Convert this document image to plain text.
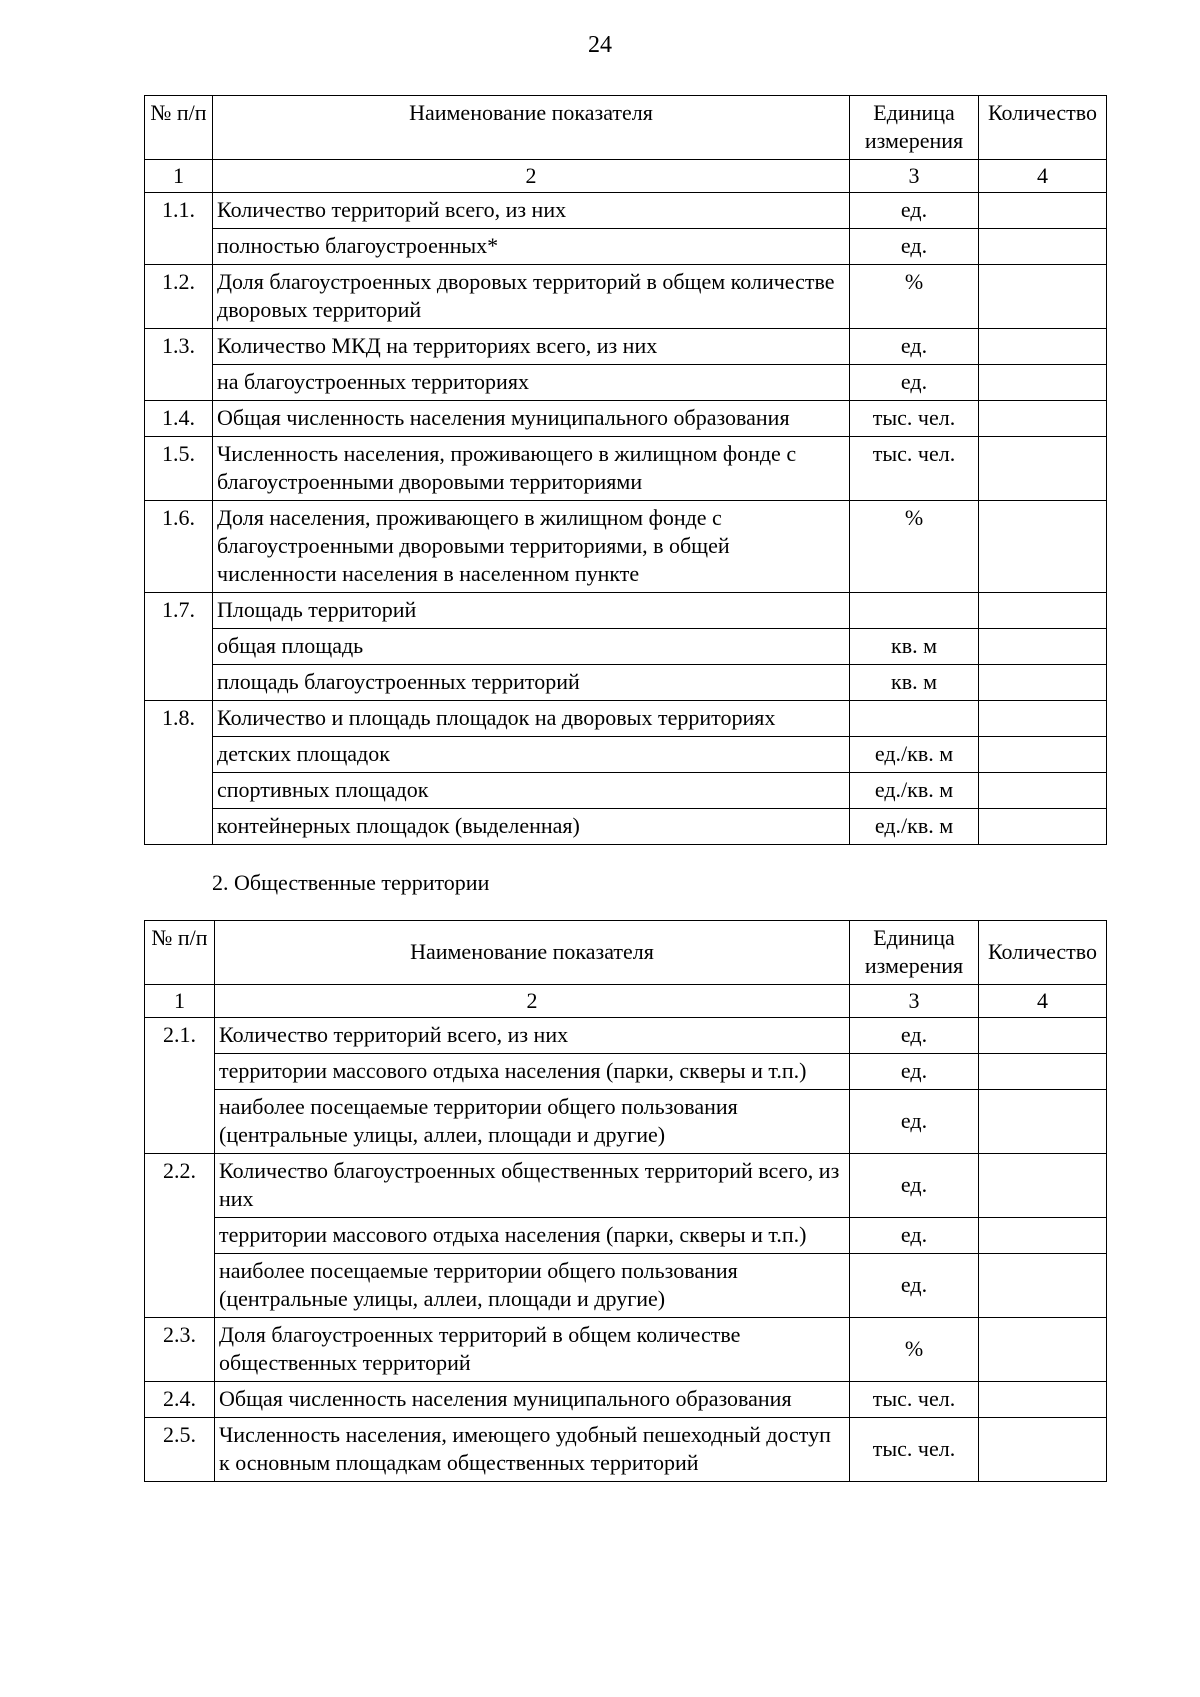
24
№ п/п	Наименование показателя	Единица измерения	Количество
1	2	3	4
1.1.	Количество территорий всего, из них	ед.	
	полностью благоустроенных*	ед.	
1.2.	Доля благоустроенных дворовых территорий в общем количестве дворовых территорий	%	
1.3.	Количество МКД на территориях всего, из них	ед.	
	на благоустроенных территориях	ед.	
1.4.	Общая численность населения муниципального образования	тыс. чел.	
1.5.	Численность населения, проживающего в жилищном фонде с благоустроенными дворовыми территориями	тыс. чел.	
1.6.	Доля населения, проживающего в жилищном фонде с благоустроенными дворовыми территориями, в общей численности населения в населенном пункте	%	
1.7.	Площадь территорий		
	общая площадь	кв. м	
	площадь благоустроенных территорий	кв. м	
1.8.	Количество и площадь площадок на дворовых территориях		
	детских площадок	ед./кв. м	
	спортивных площадок	ед./кв. м	
	контейнерных площадок (выделенная)	ед./кв. м	
2. Общественные территории
№ п/п	Наименование показателя	Единица измерения	Количество
1	2	3	4
2.1.	Количество территорий всего, из них	ед.	
	территории массового отдыха населения (парки, скверы и т.п.)	ед.	
	наиболее посещаемые территории общего пользования (центральные улицы, аллеи, площади и другие)	ед.	
2.2.	Количество благоустроенных общественных территорий всего, из них	ед.	
	территории массового отдыха населения (парки, скверы и т.п.)	ед.	
	наиболее посещаемые территории общего пользования (центральные улицы, аллеи, площади и другие)	ед.	
2.3.	Доля благоустроенных территорий в общем количестве общественных территорий	%	
2.4.	Общая численность населения муниципального образования	тыс. чел.	
2.5.	Численность населения, имеющего удобный пешеходный доступ к основным площадкам общественных территорий	тыс. чел.	
